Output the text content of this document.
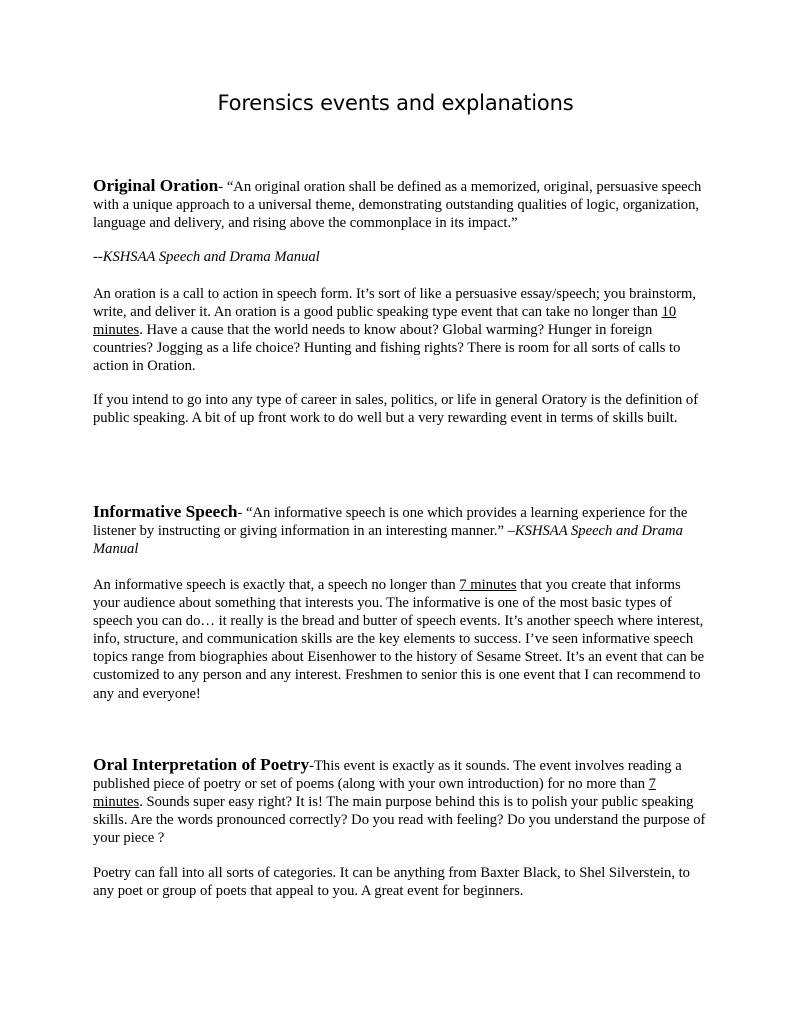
Forensics events and explanations

Original Oration- “An original oration shall be defined as a memorized, original, persuasive speech with a unique approach to a universal theme, demonstrating outstanding qualities of logic, organization, language and delivery, and rising above the commonplace in its impact.”

--KSHSAA Speech and Drama Manual

An oration is a call to action in speech form. It’s sort of like a persuasive essay/speech; you brainstorm, write, and deliver it. An oration is a good public speaking type event that can take no longer than 10 minutes. Have a cause that the world needs to know about? Global warming? Hunger in foreign countries? Jogging as a life choice? Hunting and fishing rights? There is room for all sorts of calls to action in Oration.

If you intend to go into any type of career in sales, politics, or life in general Oratory is the definition of public speaking. A bit of up front work to do well but a very rewarding event in terms of skills built.

Informative Speech- “An informative speech is one which provides a learning experience for the listener by instructing or giving information in an interesting manner.” –KSHSAA Speech and Drama Manual

An informative speech is exactly that, a speech no longer than 7 minutes that you create that informs your audience about something that interests you. The informative is one of the most basic types of speech you can do… it really is the bread and butter of speech events. It’s another speech where interest, info, structure, and communication skills are the key elements to success. I’ve seen informative speech topics range from biographies about Eisenhower to the history of Sesame Street. It’s an event that can be customized to any person and any interest. Freshmen to senior this is one event that I can recommend to any and everyone!

Oral Interpretation of Poetry-This event is exactly as it sounds. The event involves reading a published piece of poetry or set of poems (along with your own introduction) for no more than 7 minutes. Sounds super easy right? It is! The main purpose behind this is to polish your public speaking skills. Are the words pronounced correctly? Do you read with feeling? Do you understand the purpose of your piece ?

Poetry can fall into all sorts of categories. It can be anything from Baxter Black, to Shel Silverstein, to any poet or group of poets that appeal to you. A great event for beginners.
